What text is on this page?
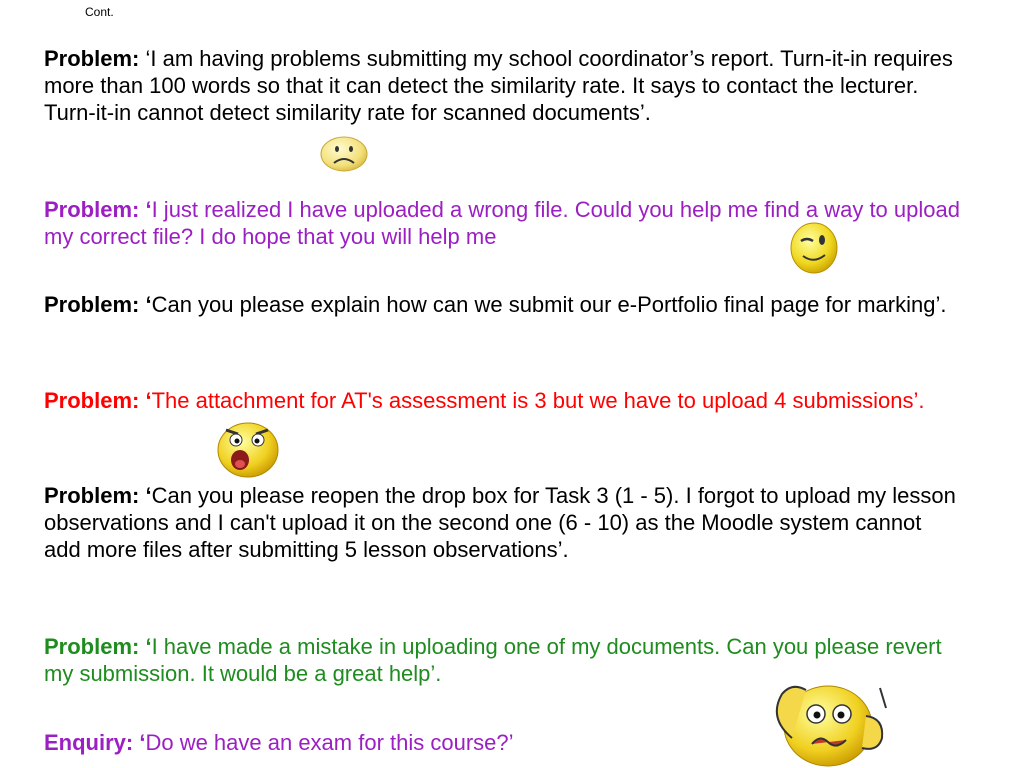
Cont.
Problem: ‘I am having problems submitting my school coordinator’s report. Turn-it-in requires more than 100 words so that it can detect the similarity rate. It says to contact the lecturer. Turn-it-in cannot detect similarity rate for scanned documents’.
Problem: ‘I just realized I have uploaded a wrong file. Could you help me find a way to upload my correct file? I do hope that you will help me
Problem: ‘Can you please explain how can we submit our e-Portfolio final page for marking’.
Problem: ‘The attachment for AT's assessment is 3 but we have to upload 4 submissions’.
Problem: ‘Can you please reopen the drop box for Task 3 (1 - 5). I forgot to upload my lesson observations and I can't upload it on the second one (6 - 10) as the Moodle system cannot add more files after submitting 5 lesson observations’.
Problem: ‘I have made a mistake in uploading one of my documents. Can you please revert my submission. It would be a great help’.
Enquiry: ‘Do we have an exam for this course?’
